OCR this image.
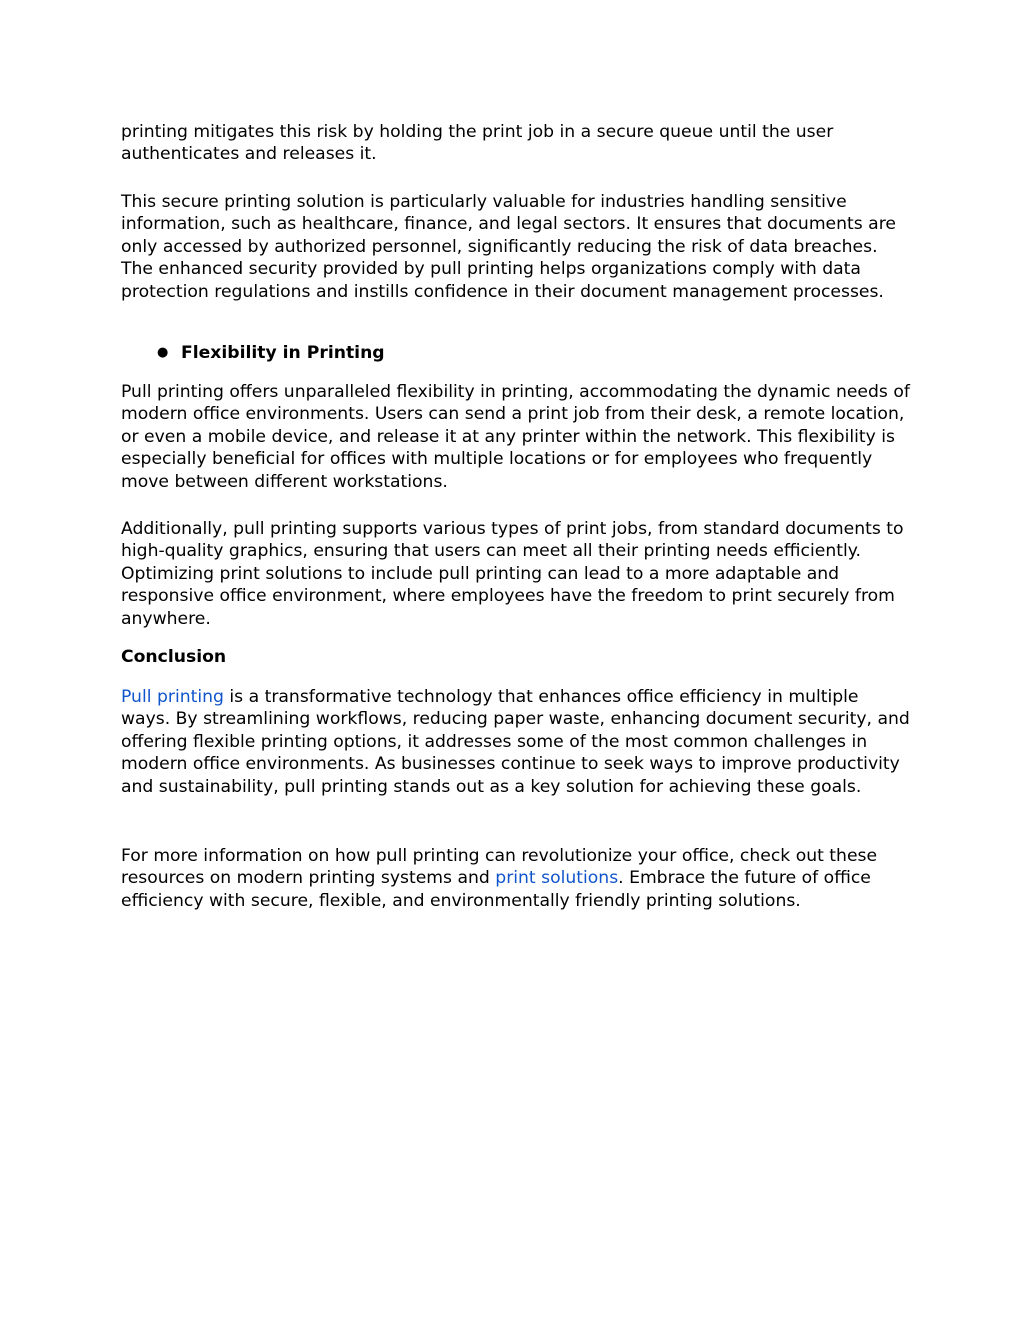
printing mitigates this risk by holding the print job in a secure queue until the user authenticates and releases it.

This secure printing solution is particularly valuable for industries handling sensitive information, such as healthcare, finance, and legal sectors. It ensures that documents are only accessed by authorized personnel, significantly reducing the risk of data breaches. The enhanced security provided by pull printing helps organizations comply with data protection regulations and instills confidence in their document management processes.

● Flexibility in Printing

Pull printing offers unparalleled flexibility in printing, accommodating the dynamic needs of modern office environments. Users can send a print job from their desk, a remote location, or even a mobile device, and release it at any printer within the network. This flexibility is especially beneficial for offices with multiple locations or for employees who frequently move between different workstations.

Additionally, pull printing supports various types of print jobs, from standard documents to high-quality graphics, ensuring that users can meet all their printing needs efficiently. Optimizing print solutions to include pull printing can lead to a more adaptable and responsive office environment, where employees have the freedom to print securely from anywhere.

Conclusion

Pull printing is a transformative technology that enhances office efficiency in multiple ways. By streamlining workflows, reducing paper waste, enhancing document security, and offering flexible printing options, it addresses some of the most common challenges in modern office environments. As businesses continue to seek ways to improve productivity and sustainability, pull printing stands out as a key solution for achieving these goals.

For more information on how pull printing can revolutionize your office, check out these resources on modern printing systems and print solutions. Embrace the future of office efficiency with secure, flexible, and environmentally friendly printing solutions.
